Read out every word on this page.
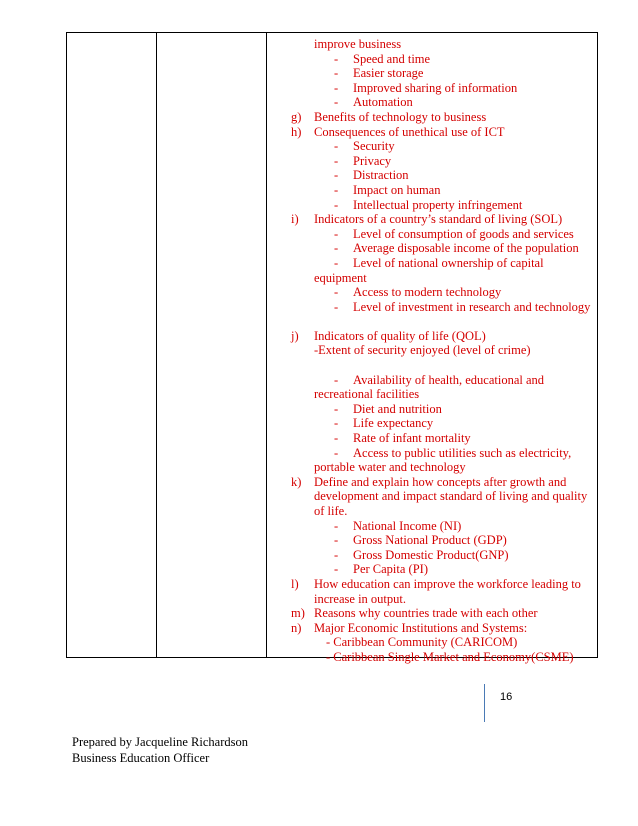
improve business
- Speed and time
- Easier storage
- Improved sharing of information
- Automation
g) Benefits of technology to business
h) Consequences of unethical use of ICT
- Security
- Privacy
- Distraction
- Impact on human
- Intellectual property infringement
i) Indicators of a country’s standard of living (SOL)
- Level of consumption of goods and services
- Average disposable income of the population
- Level of national ownership of capital
equipment
- Access to modern technology
- Level of investment in research and technology
j) Indicators of quality of life (QOL)
-Extent of security enjoyed (level of crime)
- Availability of health, educational and
recreational facilities
- Diet and nutrition
- Life expectancy
- Rate of infant mortality
- Access to public utilities such as electricity,
portable water and technology
k) Define and explain how concepts after growth and
development and impact standard of living and quality
of life.
- National Income (NI)
- Gross National Product (GDP)
- Gross Domestic Product(GNP)
- Per Capita (PI)
l) How education can improve the workforce leading to
increase in output.
m) Reasons why countries trade with each other
n) Major Economic Institutions and Systems:
- Caribbean Community (CARICOM)
- Caribbean Single Market and Economy(CSME)
16
Prepared by Jacqueline Richardson
Business Education Officer
